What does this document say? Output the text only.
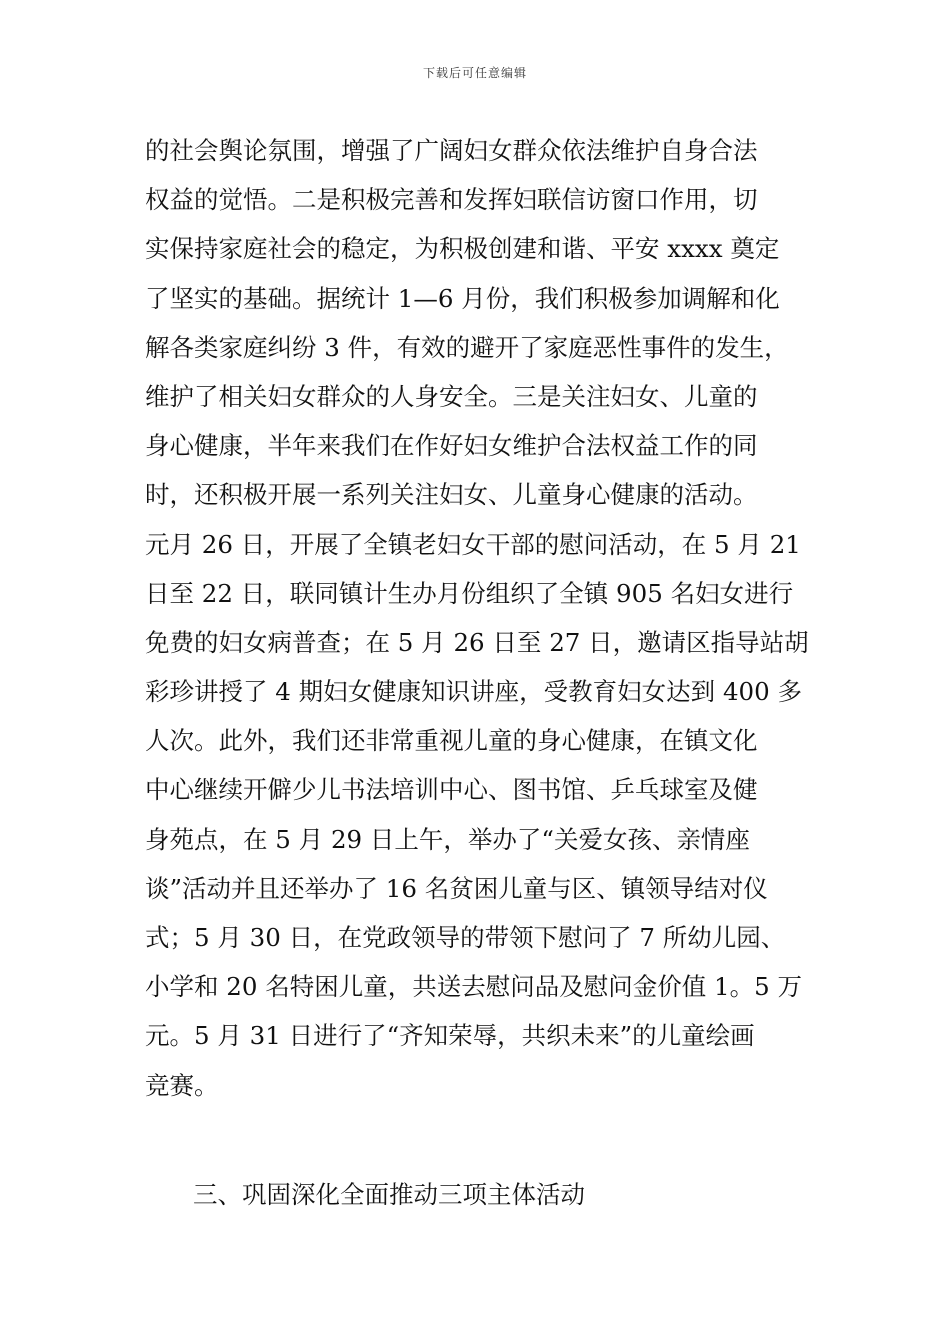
下载后可任意编辑
的社会舆论氛围，增强了广阔妇女群众依法维护自身合法
权益的觉悟。二是积极完善和发挥妇联信访窗口作用，切
实保持家庭社会的稳定，为积极创建和谐、平安 xxxx 奠定
了坚实的基础。据统计 1—6 月份，我们积极参加调解和化
解各类家庭纠纷 3 件，有效的避开了家庭恶性事件的发生，
维护了相关妇女群众的人身安全。三是关注妇女、儿童的
身心健康，半年来我们在作好妇女维护合法权益工作的同
时，还积极开展一系列关注妇女、儿童身心健康的活动。
元月 26 日，开展了全镇老妇女干部的慰问活动，在 5 月 21
日至 22 日，联同镇计生办月份组织了全镇 905 名妇女进行
免费的妇女病普查；在 5 月 26 日至 27 日，邀请区指导站胡
彩珍讲授了 4 期妇女健康知识讲座，受教育妇女达到 400 多
人次。此外，我们还非常重视儿童的身心健康，在镇文化
中心继续开僻少儿书法培训中心、图书馆、乒乓球室及健
身苑点，在 5 月 29 日上午，举办了“关爱女孩、亲情座
谈”活动并且还举办了 16 名贫困儿童与区、镇领导结对仪
式；5 月 30 日，在党政领导的带领下慰问了 7 所幼儿园、
小学和 20 名特困儿童，共送去慰问品及慰问金价值 1。5 万
元。5 月 31 日进行了“齐知荣辱，共织未来”的儿童绘画
竞赛。
三、巩固深化全面推动三项主体活动
